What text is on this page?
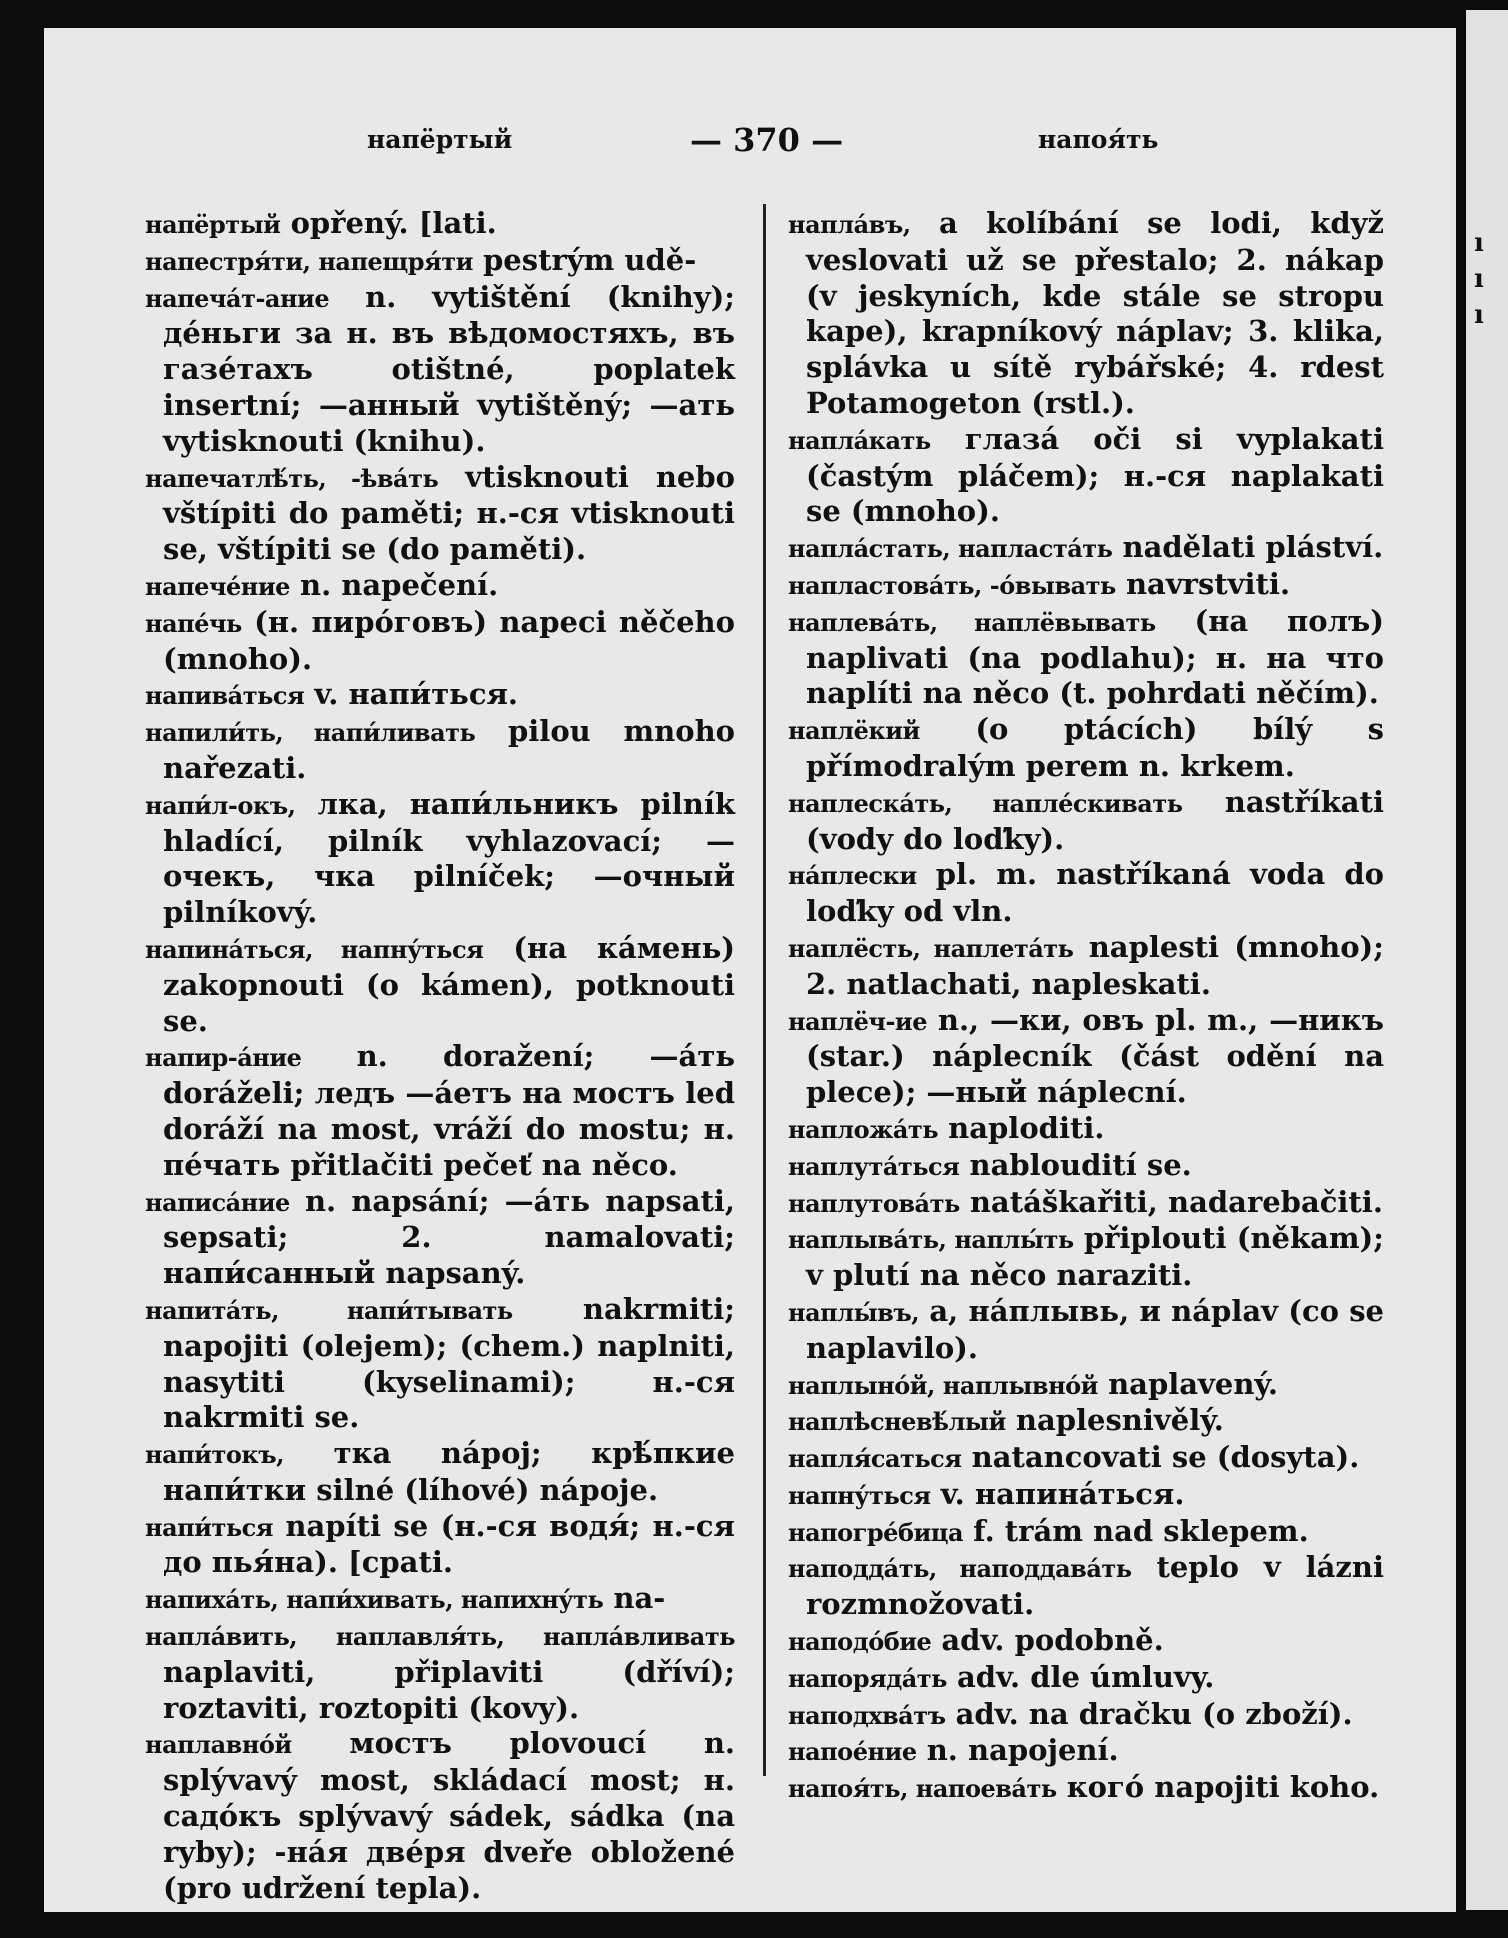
ı
ı
ı
напёртый	— 370 —	напоя́ть

напёртый opřený. [lati.

напестря́ти, напещря́ти pestrým udě-

напеча́т-ание n. vytištění (knihy); де́ньги за н. въ вѣдомостяхъ, въ газе́тахъ otištné, poplatek insertní; —анный vytištěný; —ать vytisknouti (knihu).

напечатлѣ́ть, -ѣва́ть vtisknouti nebo vštípiti do paměti; н.-ся vtisknouti se, vštípiti se (do paměti).

напече́ние n. napečení.

напе́чь (н. пиро́говъ) napeci něčeho (mnoho).

напива́ться v. напи́ться.

напили́ть, напи́ливать pilou mnoho nařezati.

напи́л-окъ, лка, напи́льникъ pilník hladící, pilník vyhlazovací; —очекъ, чка pilníček; —очный pilníkový.

напина́ться, напну́ться (на ка́мень) zakopnouti (o kámen), potknouti se.

напир-а́ние n. doražení; —а́ть doráželi; ледъ —а́етъ на мостъ led doráží na most, vráží do mostu; н. пе́чать přitlačiti pečeť na něco.

написа́ние n. napsání; —а́ть napsati, sepsati; 2. namalovati; напи́санный napsaný.

напита́ть, напи́тывать nakrmiti; napojiti (olejem); (chem.) naplniti, nasytiti (kyselinami); н.-ся nakrmiti se.

напи́токъ, тка nápoj; крѣ́пкие напи́тки silné (líhové) nápoje.

напи́ться napíti se (н.-ся водя́; н.-ся до пья́на). [cpati.

напиха́ть, напи́хивать, напихну́ть na-

напла́вить, наплавля́ть, напла́вливать naplaviti, připlaviti (dříví); roztaviti, roztopiti (kovy).

наплавно́й мостъ plovoucí n. splývavý most, skládací most; н. садо́къ splývavý sádek, sádka (na ryby); -на́я две́ря dveře obložené (pro udržení tepla).

напла́въ, a kolíbání se lodi, když veslovati už se přestalo; 2. nákap (v jeskyních, kde stále se stropu kape), krapníkový náplav; 3. klika, splávka u sítě rybářské; 4. rdest Potamogeton (rstl.).

напла́кать глаза́ oči si vyplakati (častým pláčem); н.-ся naplakati se (mnoho).

напла́стать, напласта́ть nadělati pláství.

напластова́ть, -о́вывать navrstviti.

наплева́ть, наплёвывать (на полъ) naplivati (na podlahu); н. на что naplíti na něco (t. pohrdati něčím).

наплёкий (o ptácích) bílý s přímodralým perem n. krkem.

наплеска́ть, напле́скивать nastříkati (vody do loďky).

на́плески pl. m. nastříkaná voda do loďky od vln.

наплёсть, наплета́ть naplesti (mnoho); 2. natlachati, napleskati.

наплёч-ие n., —ки, овъ pl. m., —никъ (star.) náplecník (část odění na plece); —ный náplecní.

напложа́ть naploditi.

наплута́ться nabloudití se.

наплутова́ть natáškařiti, nadarebačiti.

наплыва́ть, наплы́ть připlouti (někam); v plutí na něco naraziti.

наплы́въ, a, на́плывь, и náplav (co se naplavilo).

наплыно́й, наплывно́й naplavený.

наплѣсневѣ́лый naplesnivělý.

напля́саться natancovati se (dosyta).

напну́ться v. напина́ться.

напогре́бица f. trám nad sklepem.

наподда́ть, наподдава́ть teplo v lázni rozmnožovati.

наподо́бие adv. podobně.

напоряда́ть adv. dle úmluvy.

наподхва́тъ adv. na dračku (o zboží).

напое́ние n. napojení.

напоя́ть, напоева́ть кого́ napojiti koho.
